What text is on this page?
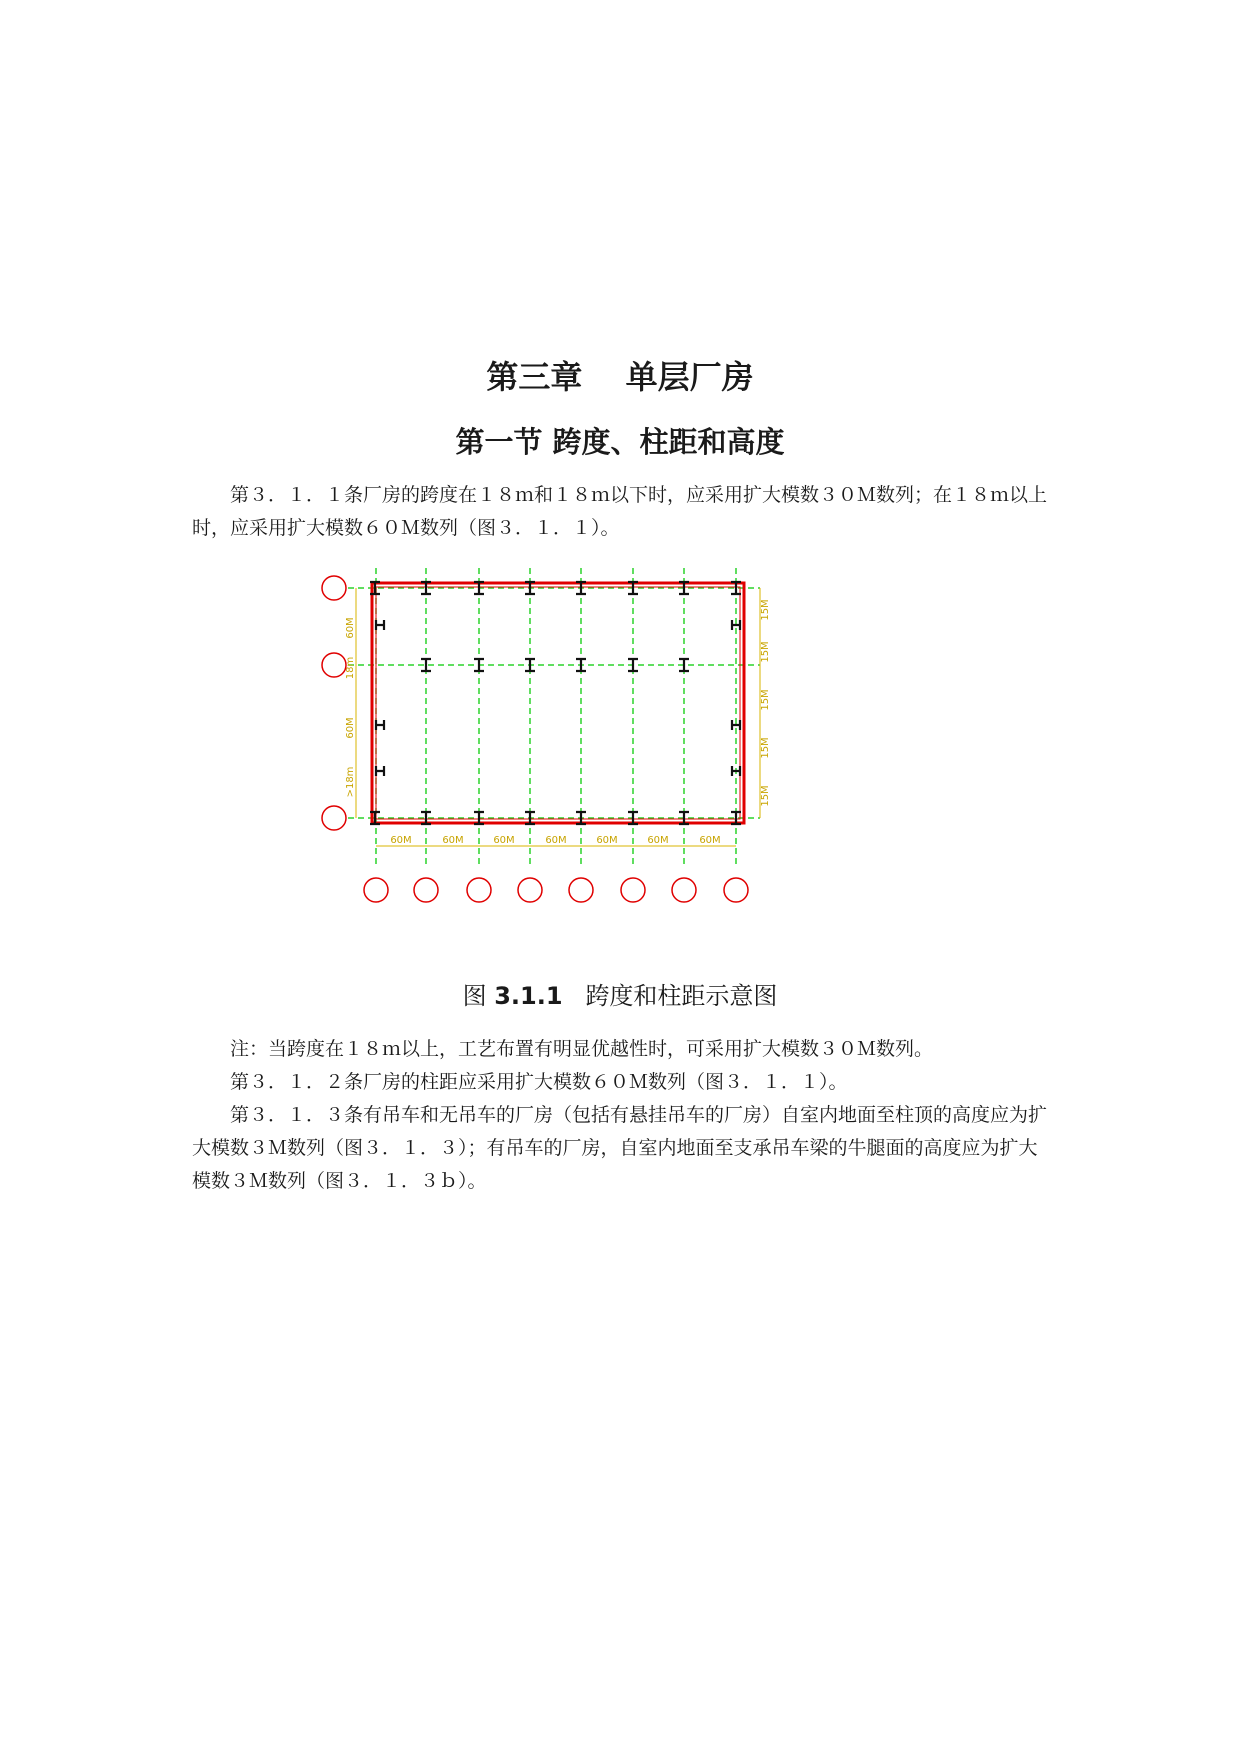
第三章　 单层厂房
第一节 跨度、柱距和高度

第３．１．１条厂房的跨度在１８ｍ和１８ｍ以下时，应采用扩大模数３０Ｍ数列；在１８ｍ以上时，应采用扩大模数６０Ｍ数列（图３．１．１）。

60M
18m
60M
>18m
15M
15M
15M
15M
15M
60M	60M	60M	60M	60M	60M	60M
图 3.1.1 跨度和柱距示意图

注：当跨度在１８ｍ以上，工艺布置有明显优越性时，可采用扩大模数３０Ｍ数列。

第３．１．２条厂房的柱距应采用扩大模数６０Ｍ数列（图３．１．１）。

第３．１．３条有吊车和无吊车的厂房（包括有悬挂吊车的厂房）自室内地面至柱顶的高度应为扩大模数３Ｍ数列（图３．１．３）；有吊车的厂房，自室内地面至支承吊车梁的牛腿面的高度应为扩大模数３Ｍ数列（图３．１．３ｂ）。
